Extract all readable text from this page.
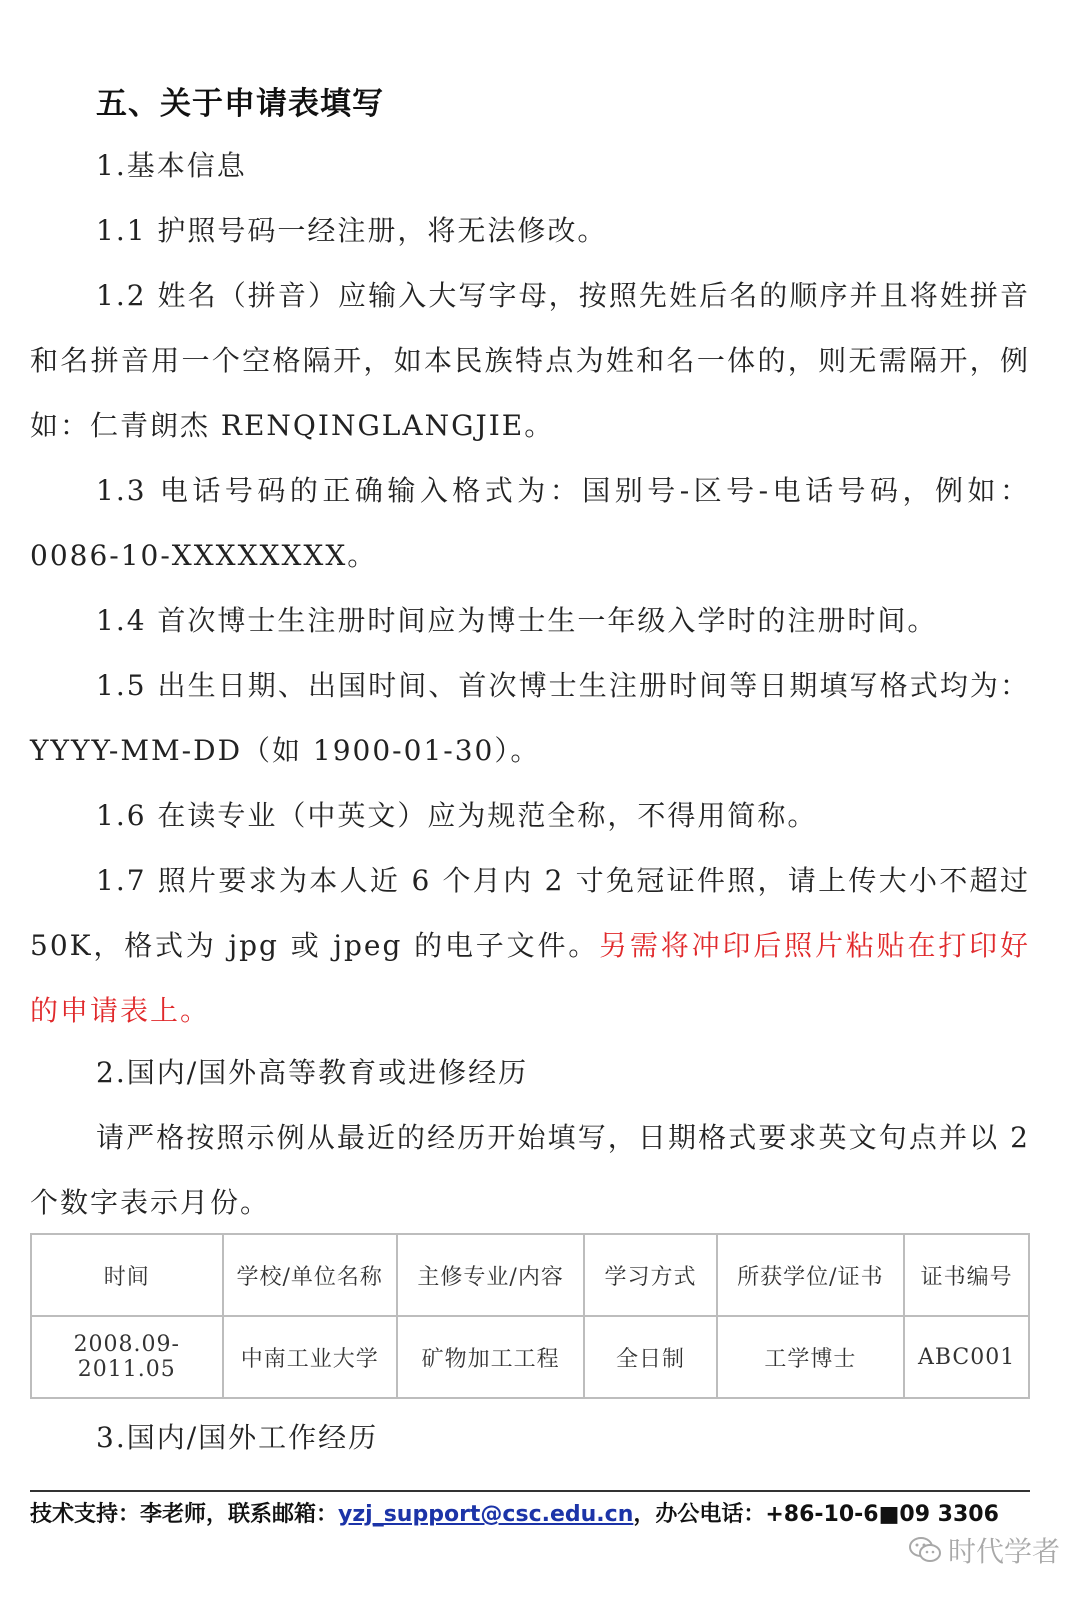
五、关于申请表填写
1.基本信息
1.1 护照号码一经注册，将无法修改。
1.2 姓名（拼音）应输入大写字母，按照先姓后名的顺序并且将姓拼音和名拼音用一个空格隔开，如本民族特点为姓和名一体的，则无需隔开，例如：仁青朗杰 RENQINGLANGJIE。
1.3 电话号码的正确输入格式为：国别号-区号-电话号码，例如：0086-10-XXXXXXXX。
1.4 首次博士生注册时间应为博士生一年级入学时的注册时间。
1.5 出生日期、出国时间、首次博士生注册时间等日期填写格式均为：YYYY-MM-DD（如 1900-01-30）。
1.6 在读专业（中英文）应为规范全称，不得用简称。
1.7 照片要求为本人近 6 个月内 2 寸免冠证件照，请上传大小不超过 50K，格式为 jpg 或 jpeg 的电子文件。另需将冲印后照片粘贴在打印好的申请表上。
2.国内/国外高等教育或进修经历
请严格按照示例从最近的经历开始填写，日期格式要求英文句点并以 2 个数字表示月份。
时间	学校/单位名称	主修专业/内容	学习方式	所获学位/证书	证书编号
2008.09-2011.05	中南工业大学	矿物加工工程	全日制	工学博士	ABC001
3.国内/国外工作经历
技术支持：李老师，联系邮箱：yzj_support@csc.edu.cn，办公电话：+86-10-6■09 3306
时代学者
